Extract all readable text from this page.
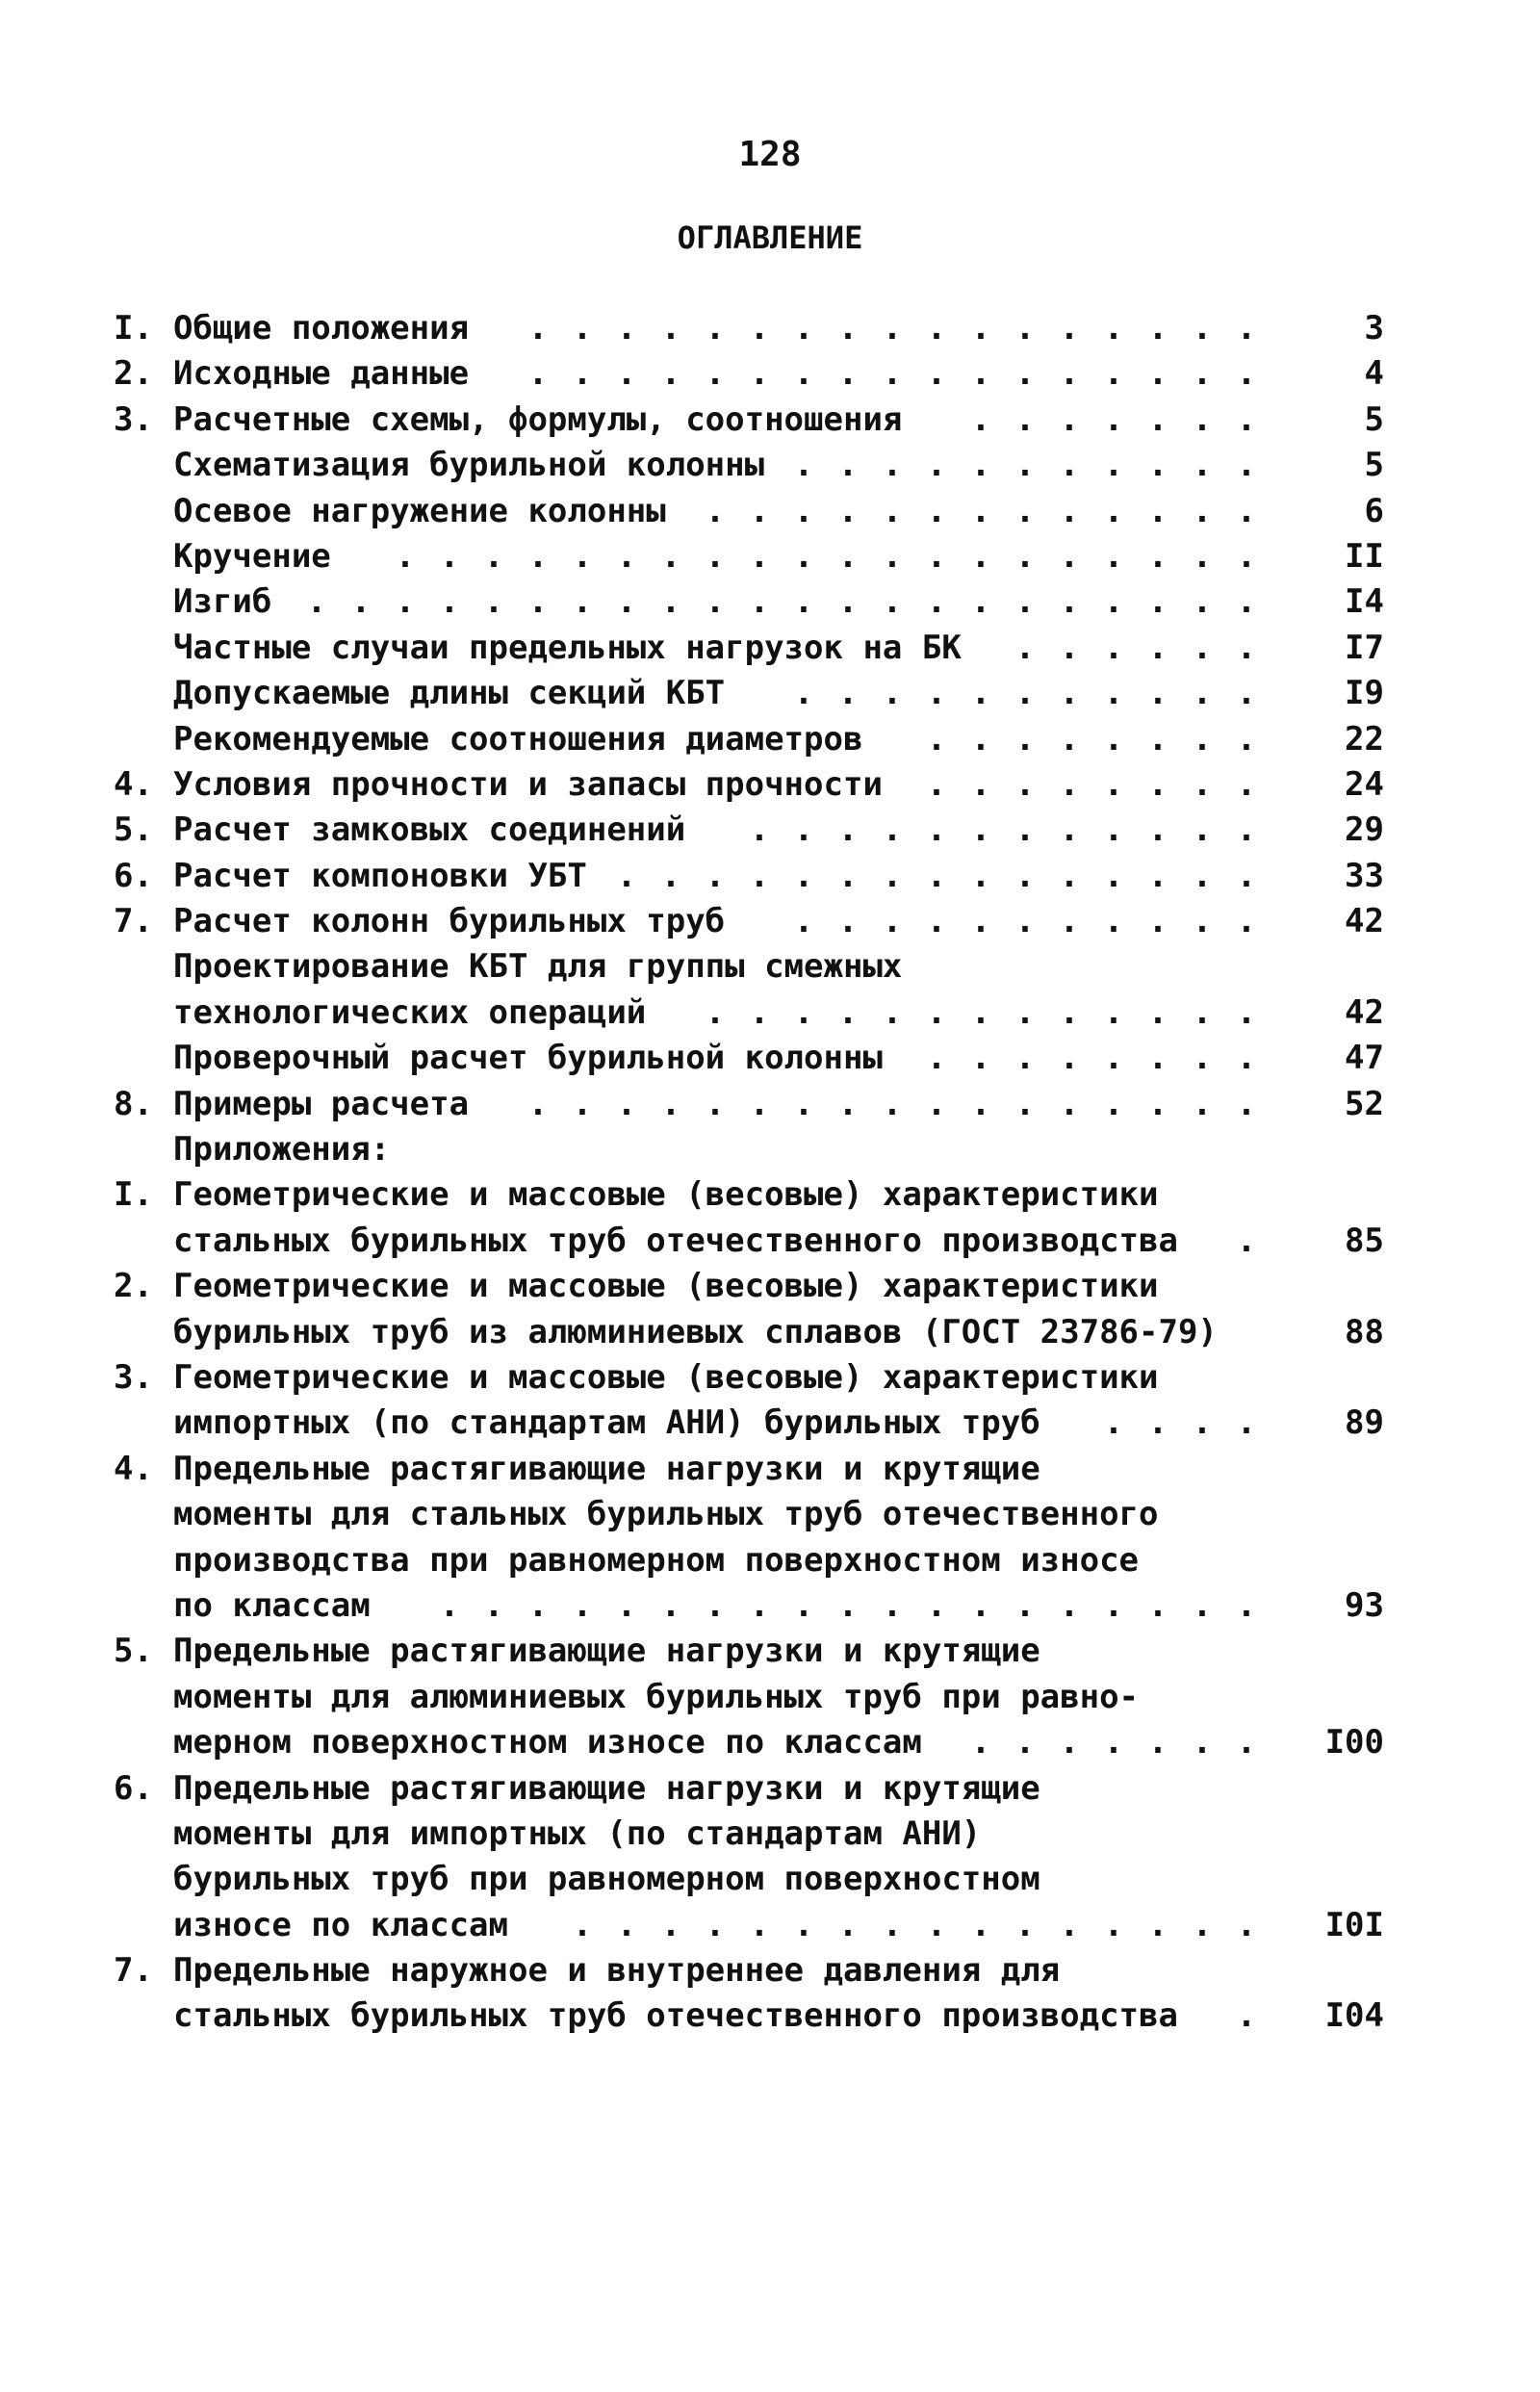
128
ОГЛАВЛЕНИЕ
I. Общие положения	. . . . . . . . . . . . . . . . .	3
2. Исходные данные	. . . . . . . . . . . . . . . . .	4
3. Расчетные схемы, формулы, соотношения	. . . . . . .	5
Схематизация бурильной колонны . . . . . . . . . . .	5
Осевое нагружение колонны	. . . . . . . . . . . . .	6
Кручение	. . . . . . . . . . . . . . . . . . . .	II
Изгиб	. . . . . . . . . . . . . . . . . . . . . .	I4
Частные случаи предельных нагрузок на БК	. . . . . .	I7
Допускаемые длины секций КБТ	. . . . . . . . . . .	I9
Рекомендуемые соотношения диаметров	. . . . . . . .	22
4. Условия прочности и запасы прочности	. . . . . . . .	24
5. Расчет замковых соединений	. . . . . . . . . . . .	29
6. Расчет компоновки УБТ . . . . . . . . . . . . . . .	33
7. Расчет колонн бурильных труб	. . . . . . . . . . .	42
Проектирование КБТ для группы смежных
технологических операций	. . . . . . . . . . . . .	42
Проверочный расчет бурильной колонны	. . . . . . . .	47
8. Примеры расчета	. . . . . . . . . . . . . . . . .	52
Приложения:
I. Геометрические и массовые (весовые) характеристики
стальных бурильных труб отечественного производства	.	85
2. Геометрические и массовые (весовые) характеристики
бурильных труб из алюминиевых сплавов (ГОСТ 23786-79)	88
3. Геометрические и массовые (весовые) характеристики
импортных (по стандартам АНИ) бурильных труб	. . . .	89
4. Предельные растягивающие нагрузки и крутящие
моменты для стальных бурильных труб отечественного
производства при равномерном поверхностном износе
по классам	. . . . . . . . . . . . . . . . . . .	93
5. Предельные растягивающие нагрузки и крутящие
моменты для алюминиевых бурильных труб при равно-
мерном поверхностном износе по классам	. . . . . . .	I00
6. Предельные растягивающие нагрузки и крутящие
моменты для импортных (по стандартам АНИ)
бурильных труб при равномерном поверхностном
износе по классам	. . . . . . . . . . . . . . . .	I0I
7. Предельные наружное и внутреннее давления для
стальных бурильных труб отечественного производства	.	I04
